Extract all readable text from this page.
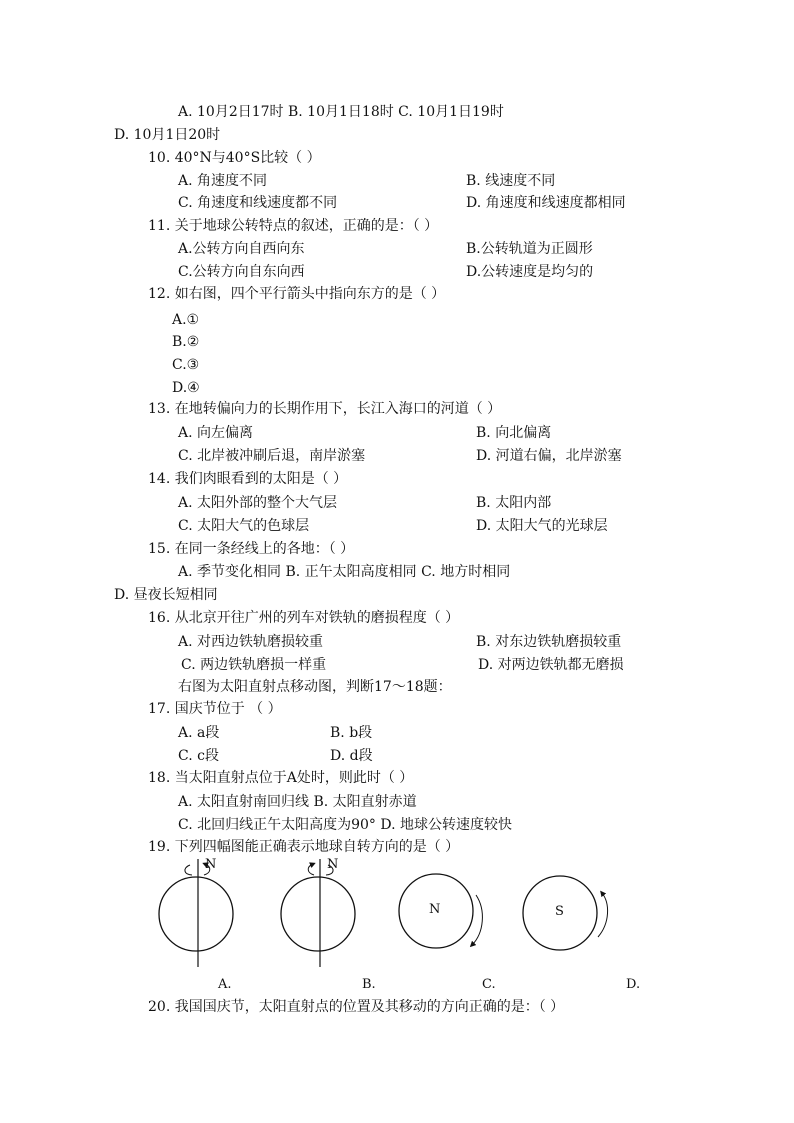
A. 10月2日17时 B. 10月1日18时 C. 10月1日19时
D. 10月1日20时
10. 40°N与40°S比较（ ）
A. 角速度不同	B. 线速度不同
C. 角速度和线速度都不同	D. 角速度和线速度都相同
11. 关于地球公转特点的叙述，正确的是：（ ）
A.公转方向自西向东	B.公转轨道为正圆形
C.公转方向自东向西	D.公转速度是均匀的
12. 如右图，四个平行箭头中指向东方的是（ ）
A.①
B.②
C.③
D.④
13. 在地转偏向力的长期作用下，长江入海口的河道（ ）
A. 向左偏离	B. 向北偏离
C. 北岸被冲刷后退，南岸淤塞	D. 河道右偏，北岸淤塞
14. 我们肉眼看到的太阳是（ ）
A. 太阳外部的整个大气层	B. 太阳内部
C. 太阳大气的色球层	D. 太阳大气的光球层
15. 在同一条经线上的各地：（ ）
A. 季节变化相同 B. 正午太阳高度相同 C. 地方时相同
D. 昼夜长短相同
16. 从北京开往广州的列车对铁轨的磨损程度（ ）
A. 对西边铁轨磨损较重	B. 对东边铁轨磨损较重
C. 两边铁轨磨损一样重	D. 对两边铁轨都无磨损
右图为太阳直射点移动图，判断17～18题：
17. 国庆节位于 （ ）
A. a段	B. b段
C. c段	D. d段
18. 当太阳直射点位于A处时，则此时（ ）
A. 太阳直射南回归线 B. 太阳直射赤道
C. 北回归线正午太阳高度为90° D. 地球公转速度较快
19. 下列四幅图能正确表示地球自转方向的是（ ）
N	N
N	S
A.	B.	C.	D.
20. 我国国庆节，太阳直射点的位置及其移动的方向正确的是：（ ）
